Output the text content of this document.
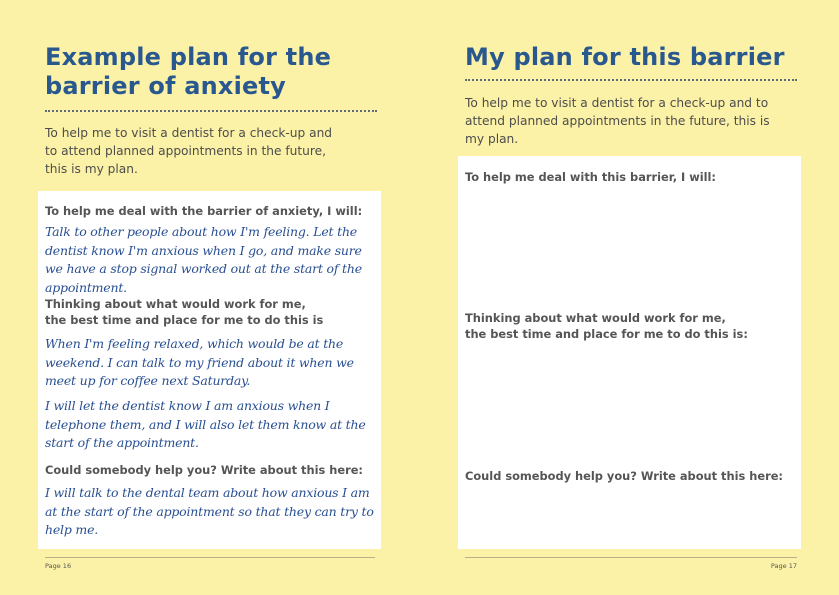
Example plan for the
barrier of anxiety
To help me to visit a dentist for a check-up and to attend planned appointments in the future, this is my plan.
To help me deal with the barrier of anxiety, I will:
Talk to other people about how I'm feeling. Let the dentist know I'm anxious when I go, and make sure we have a stop signal worked out at the start of the appointment.
Thinking about what would work for me,
the best time and place for me to do this is
When I'm feeling relaxed, which would be at the weekend. I can talk to my friend about it when we meet up for coffee next Saturday.
I will let the dentist know I am anxious when I telephone them, and I will also let them know at the start of the appointment.
Could somebody help you? Write about this here:
I will talk to the dental team about how anxious I am at the start of the appointment so that they can try to help me.
Page 16
My plan for this barrier
To help me to visit a dentist for a check-up and to attend planned appointments in the future, this is my plan.
To help me deal with this barrier, I will:
Thinking about what would work for me,
the best time and place for me to do this is:
Could somebody help you? Write about this here:
Page 17
